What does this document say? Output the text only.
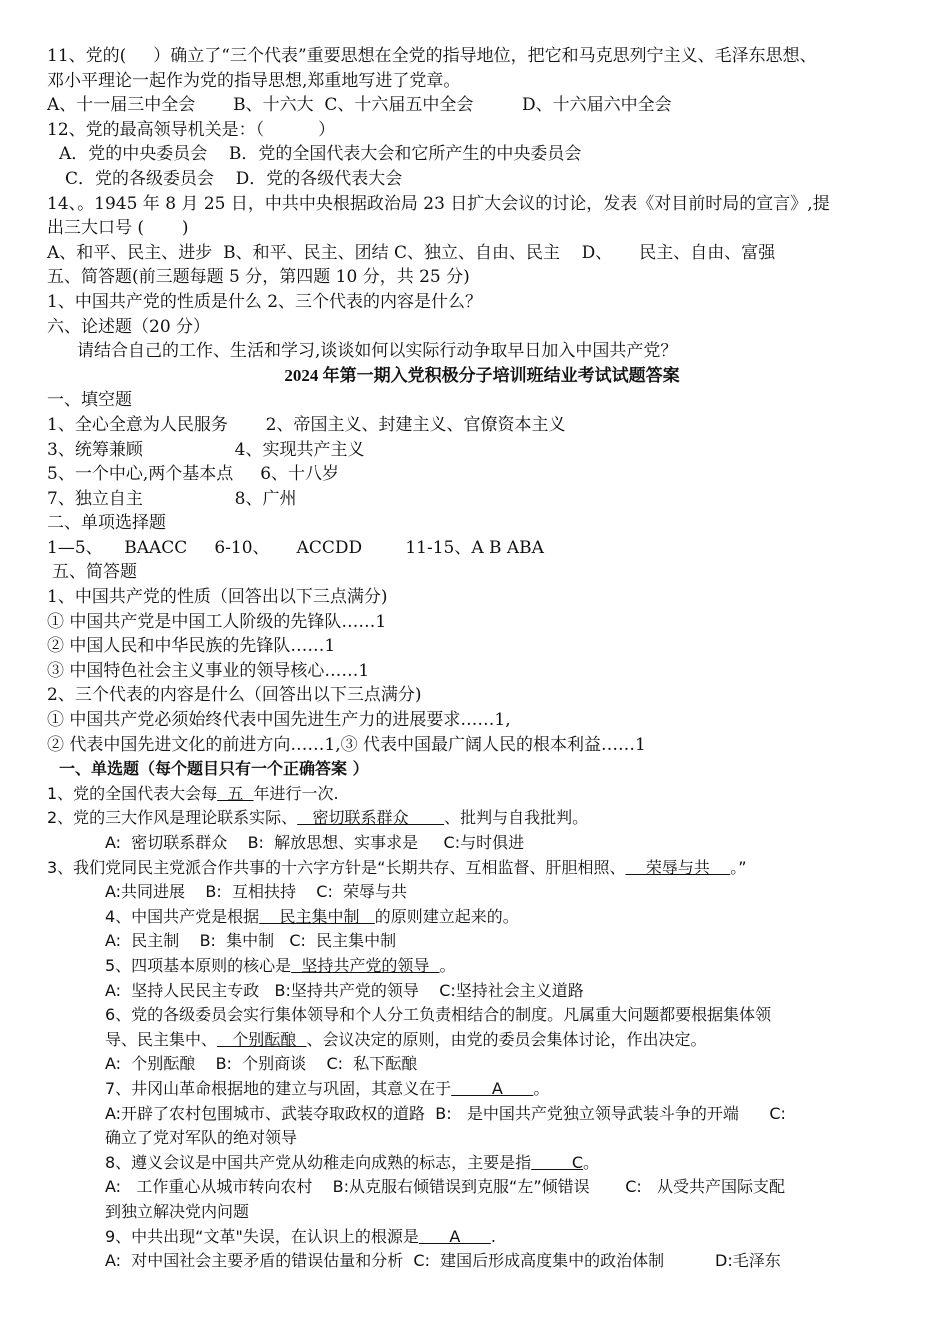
11、党的(     ）确立了“三个代表”重要思想在全党的指导地位，把它和马克思列宁主义、毛泽东思想、
邓小平理论一起作为党的指导思想,郑重地写进了党章。
A、十一届三中全会       B、十六大  C、十六届五中全会         D、十六届六中全会
12、党的最高领导机关是：（          ）
A．党的中央委员会    B．党的全国代表大会和它所产生的中央委员会
C．党的各级委员会    D．党的各级代表大会
14、。1945 年 8 月 25 日，中共中央根据政治局 23 日扩大会议的讨论，发表《对目前时局的宣言》,提
出三大口号 (       )
A、和平、民主、进步  B、和平、民主、团结 C、独立、自由、民主    D、     民主、自由、富强
五、简答题(前三题每题 5 分，第四题 10 分，共 25 分)
1、中国共产党的性质是什么 2、三个代表的内容是什么？
六、论述题（20 分）
请结合自己的工作、生活和学习,谈谈如何以实际行动争取早日加入中国共产党？
2024 年第一期入党积极分子培训班结业考试试题答案
一、填空题
1、全心全意为人民服务       2、帝国主义、封建主义、官僚资本主义
3、统筹兼顾                 4、实现共产主义
5、一个中心,两个基本点     6、十八岁
7、独立自主                 8、广州
二、单项选择题
1—5、    BAACC     6-10、     ACCDD        11-15、A B ABA
五、简答题
1、中国共产党的性质（回答出以下三点满分)
① 中国共产党是中国工人阶级的先锋队……1
② 中国人民和中华民族的先锋队……1
③ 中国特色社会主义事业的领导核心……1
2、三个代表的内容是什么（回答出以下三点满分)
① 中国共产党必须始终代表中国先进生产力的进展要求……1,
② 代表中国先进文化的前进方向……1,③ 代表中国最广阔人民的根本利益……1
一、单选题（每个题目只有一个正确答案 ）
1、党的全国代表大会每  五  年进行一次.
2、党的三大作风是理论联系实际、   密切联系群众       、批判与自我批判。
A:  密切联系群众    B:  解放思想、实事求是     C:与时俱进
3、我们党同民主党派合作共事的十六字方针是“长期共存、互相监督、肝胆相照、    荣辱与共    。”
A:共同进展    B:  互相扶持    C:  荣辱与共
4、中国共产党是根据    民主集中制   的原则建立起来的。
A:  民主制    B:  集中制   C:  民主集中制
5、四项基本原则的核心是  坚持共产党的领导  。
A:  坚持人民民主专政   B:坚持共产党的领导    C:坚持社会主义道路
6、党的各级委员会实行集体领导和个人分工负责相结合的制度。凡属重大问题都要根据集体领
导、民主集中、   个别酝酿  、会议决定的原则，由党的委员会集体讨论，作出决定。
A:  个别酝酿    B:  个别商谈    C:  私下酝酿
7、井冈山革命根据地的建立与巩固，其意义在于        A      。
A:开辟了农村包围城市、武装夺取政权的道路  B:   是中国共产党独立领导武装斗争的开端      C:
确立了党对军队的绝对领导
8、遵义会议是中国共产党从幼稚走向成熟的标志，主要是指        C。
A:   工作重心从城市转向农村    B:从克服右倾错误到克服“左”倾错误       C:   从受共产国际支配
到独立解决党内问题
9、中共出现“文革"失误，在认识上的根源是      A      .
A:  对中国社会主要矛盾的错误估量和分析  C:  建国后形成高度集中的政治体制          D:毛泽东
